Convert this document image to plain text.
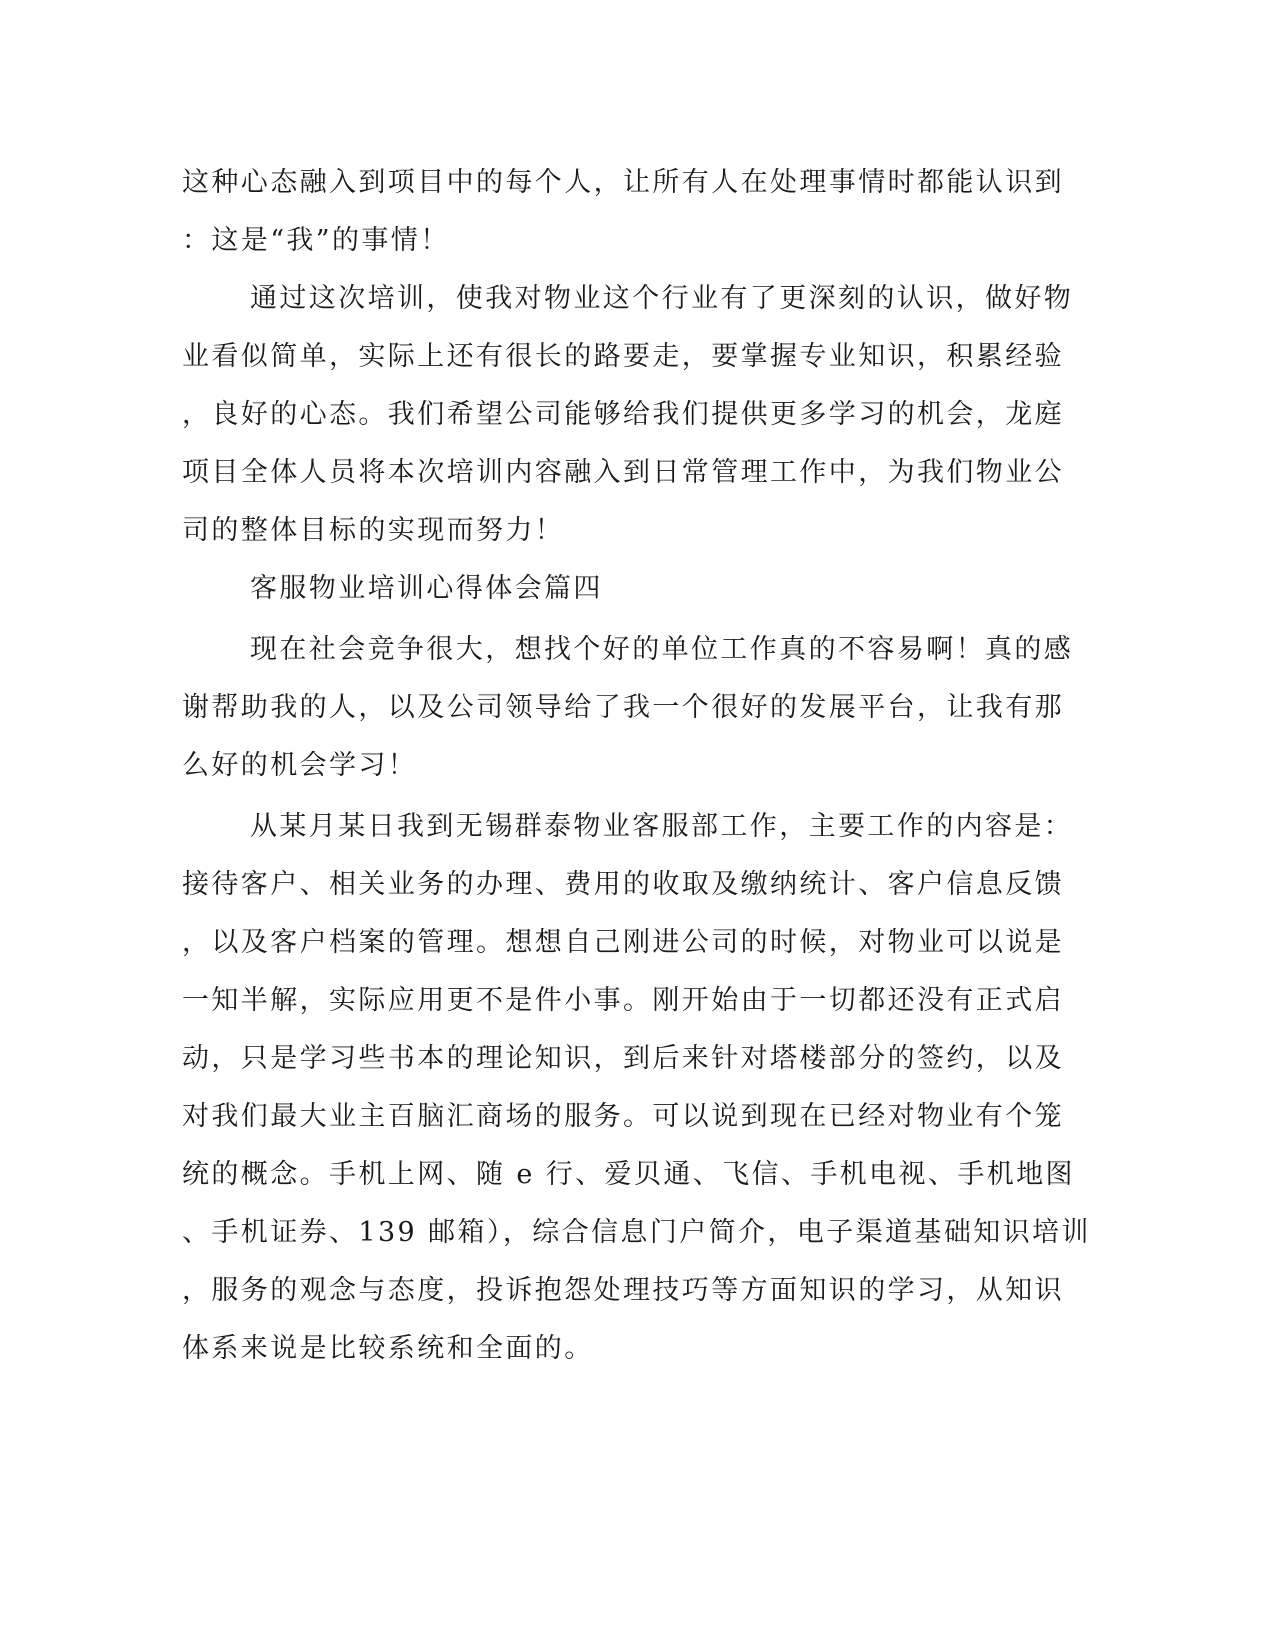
这种心态融入到项目中的每个人，让所有人在处理事情时都能认识到

：这是“我”的事情！

通过这次培训，使我对物业这个行业有了更深刻的认识，做好物

业看似简单，实际上还有很长的路要走，要掌握专业知识，积累经验

，良好的心态。我们希望公司能够给我们提供更多学习的机会，龙庭

项目全体人员将本次培训内容融入到日常管理工作中，为我们物业公

司的整体目标的实现而努力！

客服物业培训心得体会篇四

现在社会竞争很大，想找个好的单位工作真的不容易啊！真的感

谢帮助我的人，以及公司领导给了我一个很好的发展平台，让我有那

么好的机会学习！

从某月某日我到无锡群泰物业客服部工作，主要工作的内容是：

接待客户、相关业务的办理、费用的收取及缴纳统计、客户信息反馈

，以及客户档案的管理。想想自己刚进公司的时候，对物业可以说是

一知半解，实际应用更不是件小事。刚开始由于一切都还没有正式启

动，只是学习些书本的理论知识，到后来针对塔楼部分的签约，以及

对我们最大业主百脑汇商场的服务。可以说到现在已经对物业有个笼

统的概念。手机上网、随 e 行、爱贝通、飞信、手机电视、手机地图

、手机证券、139 邮箱），综合信息门户简介，电子渠道基础知识培训

，服务的观念与态度，投诉抱怨处理技巧等方面知识的学习，从知识

体系来说是比较系统和全面的。
